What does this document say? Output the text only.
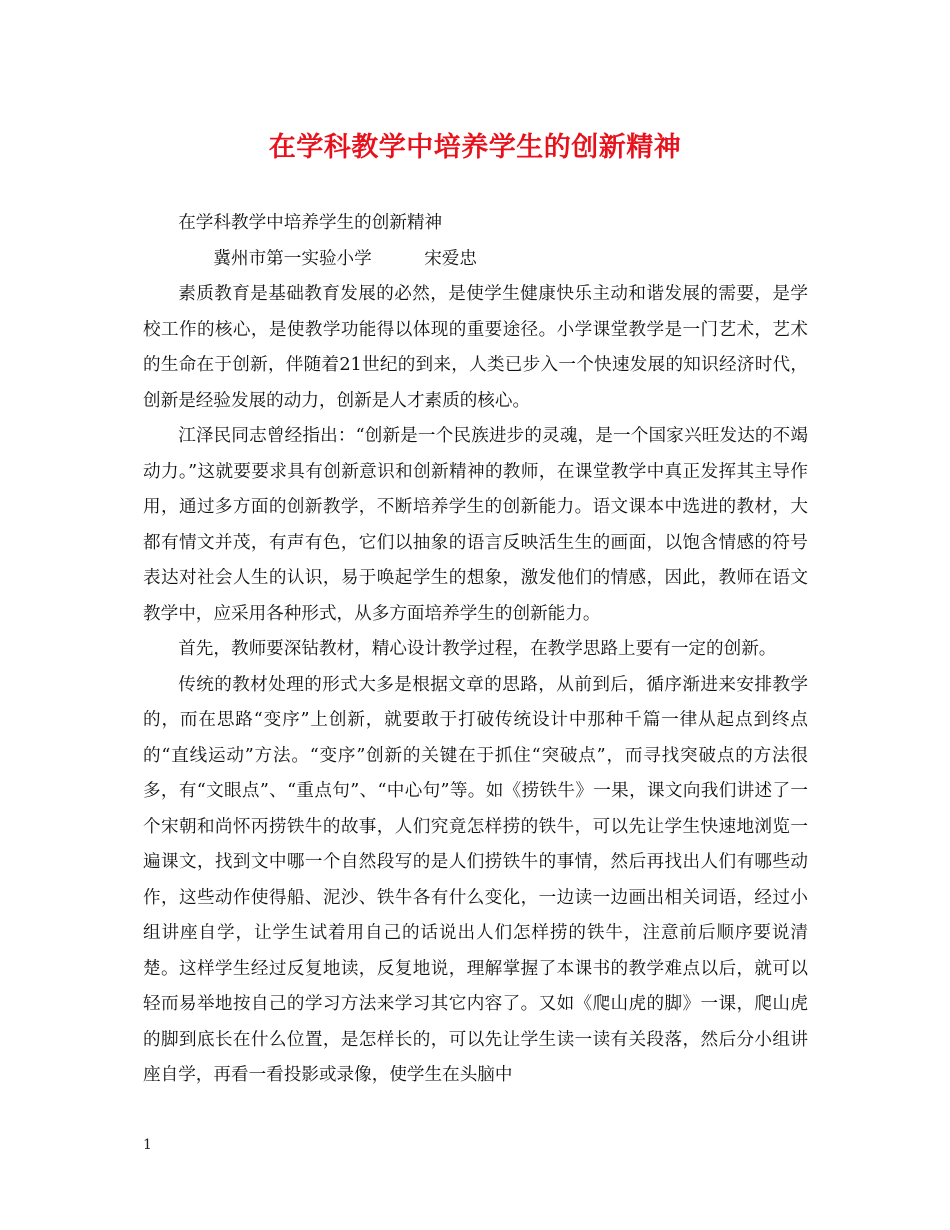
在学科教学中培养学生的创新精神

在学科教学中培养学生的创新精神

冀州市第一实验小学	宋爱忠

素质教育是基础教育发展的必然，是使学生健康快乐主动和谐发展的需要，是学校工作的核心，是使教学功能得以体现的重要途径。小学课堂教学是一门艺术，艺术的生命在于创新，伴随着21世纪的到来，人类已步入一个快速发展的知识经济时代，创新是经验发展的动力，创新是人才素质的核心。

江泽民同志曾经指出：“创新是一个民族进步的灵魂，是一个国家兴旺发达的不竭动力。”这就要要求具有创新意识和创新精神的教师，在课堂教学中真正发挥其主导作用，通过多方面的创新教学，不断培养学生的创新能力。语文课本中选进的教材，大都有情文并茂，有声有色，它们以抽象的语言反映活生生的画面，以饱含情感的符号表达对社会人生的认识，易于唤起学生的想象，激发他们的情感，因此，教师在语文教学中，应采用各种形式，从多方面培养学生的创新能力。

首先，教师要深钻教材，精心设计教学过程，在教学思路上要有一定的创新。

传统的教材处理的形式大多是根据文章的思路，从前到后，循序渐进来安排教学的，而在思路“变序”上创新，就要敢于打破传统设计中那种千篇一律从起点到终点的“直线运动”方法。“变序”创新的关键在于抓住“突破点”，而寻找突破点的方法很多，有“文眼点”、“重点句”、“中心句”等。如《捞铁牛》一果，课文向我们讲述了一个宋朝和尚怀丙捞铁牛的故事，人们究竟怎样捞的铁牛，可以先让学生快速地浏览一遍课文，找到文中哪一个自然段写的是人们捞铁牛的事情，然后再找出人们有哪些动作，这些动作使得船、泥沙、铁牛各有什么变化，一边读一边画出相关词语，经过小组讲座自学，让学生试着用自己的话说出人们怎样捞的铁牛，注意前后顺序要说清楚。这样学生经过反复地读，反复地说，理解掌握了本课书的教学难点以后，就可以轻而易举地按自己的学习方法来学习其它内容了。又如《爬山虎的脚》一课，爬山虎的脚到底长在什么位置，是怎样长的，可以先让学生读一读有关段落，然后分小组讲座自学，再看一看投影或录像，使学生在头脑中

1
